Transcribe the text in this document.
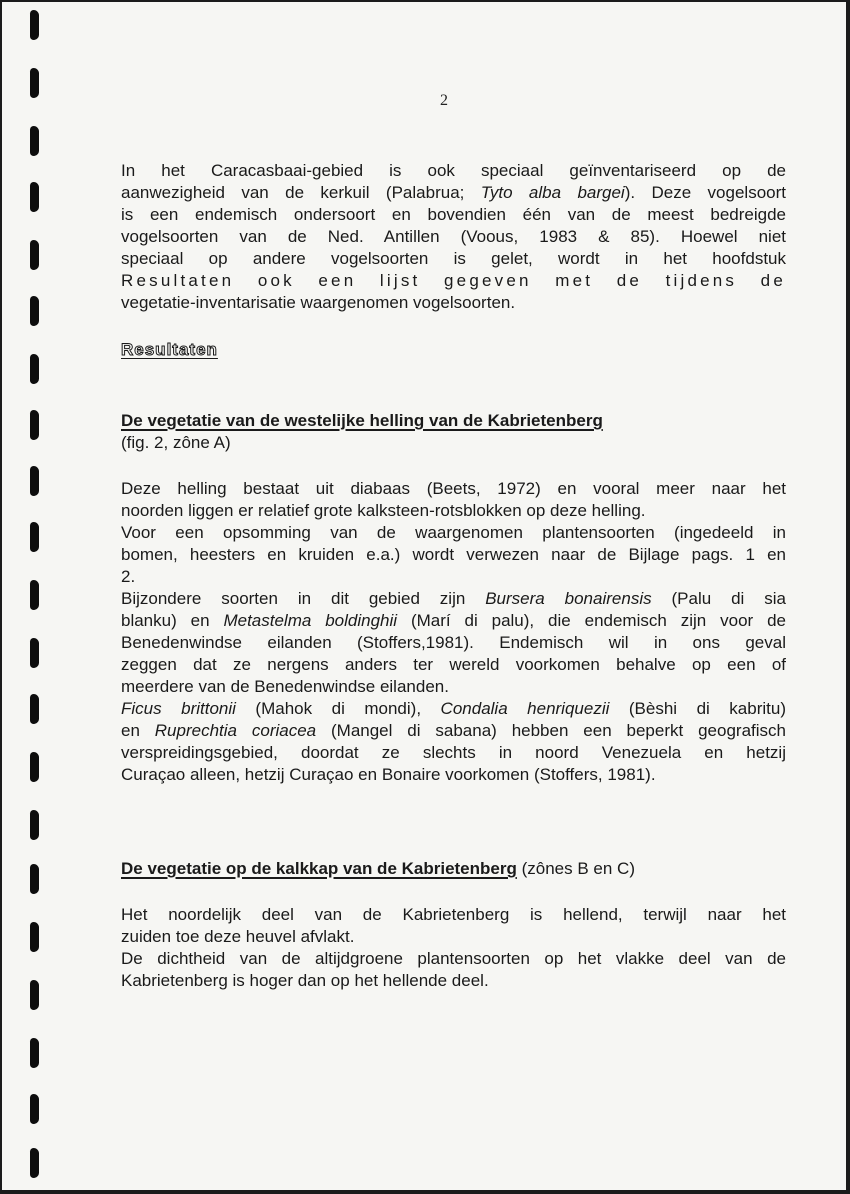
2

In het Caracasbaai-gebied is ook speciaal geïnventariseerd op de
aanwezigheid van de kerkuil (Palabrua; Tyto alba bargei). Deze vogelsoort
is een endemisch ondersoort en bovendien één van de meest bedreigde
vogelsoorten van de Ned. Antillen (Voous, 1983 & 85). Hoewel niet
speciaal op andere vogelsoorten is gelet, wordt in het hoofdstuk
Resultaten ook een lijst gegeven met de tijdens de
vegetatie-inventarisatie waargenomen vogelsoorten.

Resultaten
De vegetatie van de westelijke helling van de Kabrietenberg
(fig. 2, zône A)

Deze helling bestaat uit diabaas (Beets, 1972) en vooral meer naar het
noorden liggen er relatief grote kalksteen-rotsblokken op deze helling.

Voor een opsomming van de waargenomen plantensoorten (ingedeeld in
bomen, heesters en kruiden e.a.) wordt verwezen naar de Bijlage pags. 1 en
2.

Bijzondere soorten in dit gebied zijn Bursera bonairensis (Palu di sia
blanku) en Metastelma boldinghii (Marí di palu), die endemisch zijn voor de
Benedenwindse eilanden (Stoffers,1981). Endemisch wil in ons geval
zeggen dat ze nergens anders ter wereld voorkomen behalve op een of
meerdere van de Benedenwindse eilanden.

Ficus brittonii (Mahok di mondi), Condalia henriquezii (Bèshi di kabritu)
en Ruprechtia coriacea (Mangel di sabana) hebben een beperkt geografisch
verspreidingsgebied, doordat ze slechts in noord Venezuela en hetzij
Curaçao alleen, hetzij Curaçao en Bonaire voorkomen (Stoffers, 1981).

De vegetatie op de kalkkap van de Kabrietenberg (zônes B en C)

Het noordelijk deel van de Kabrietenberg is hellend, terwijl naar het
zuiden toe deze heuvel afvlakt.

De dichtheid van de altijdgroene plantensoorten op het vlakke deel van de
Kabrietenberg is hoger dan op het hellende deel.
